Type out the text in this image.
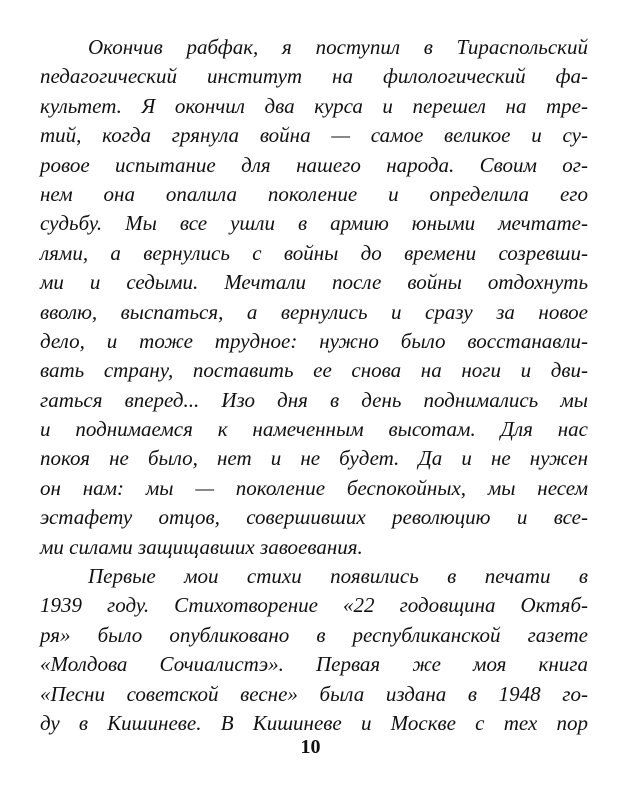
Окончив рабфак, я поступил в Тираспольский
педагогический институт на филологический фа-
культет. Я окончил два курса и перешел на тре-
тий, когда грянула война — самое великое и су-
ровое испытание для нашего народа. Своим ог-
нем она опалила поколение и определила его
судьбу. Мы все ушли в армию юными мечтате-
лями, а вернулись с войны до времени созревши-
ми и седыми. Мечтали после войны отдохнуть
вволю, выспаться, а вернулись и сразу за новое
дело, и тоже трудное: нужно было восстанавли-
вать страну, поставить ее снова на ноги и дви-
гаться вперед... Изо дня в день поднимались мы
и поднимаемся к намеченным высотам. Для нас
покоя не было, нет и не будет. Да и не нужен
он нам: мы — поколение беспокойных, мы несем
эстафету отцов, совершивших революцию и все-
ми силами защищавших завоевания.
Первые мои стихи появились в печати в
1939 году. Стихотворение «22 годовщина Октяб-
ря» было опубликовано в республиканской газете
«Молдова Сочиалистэ». Первая же моя книга
«Песни советской весне» была издана в 1948 го-
ду в Кишиневе. В Кишиневе и Москве с тех пор
10
